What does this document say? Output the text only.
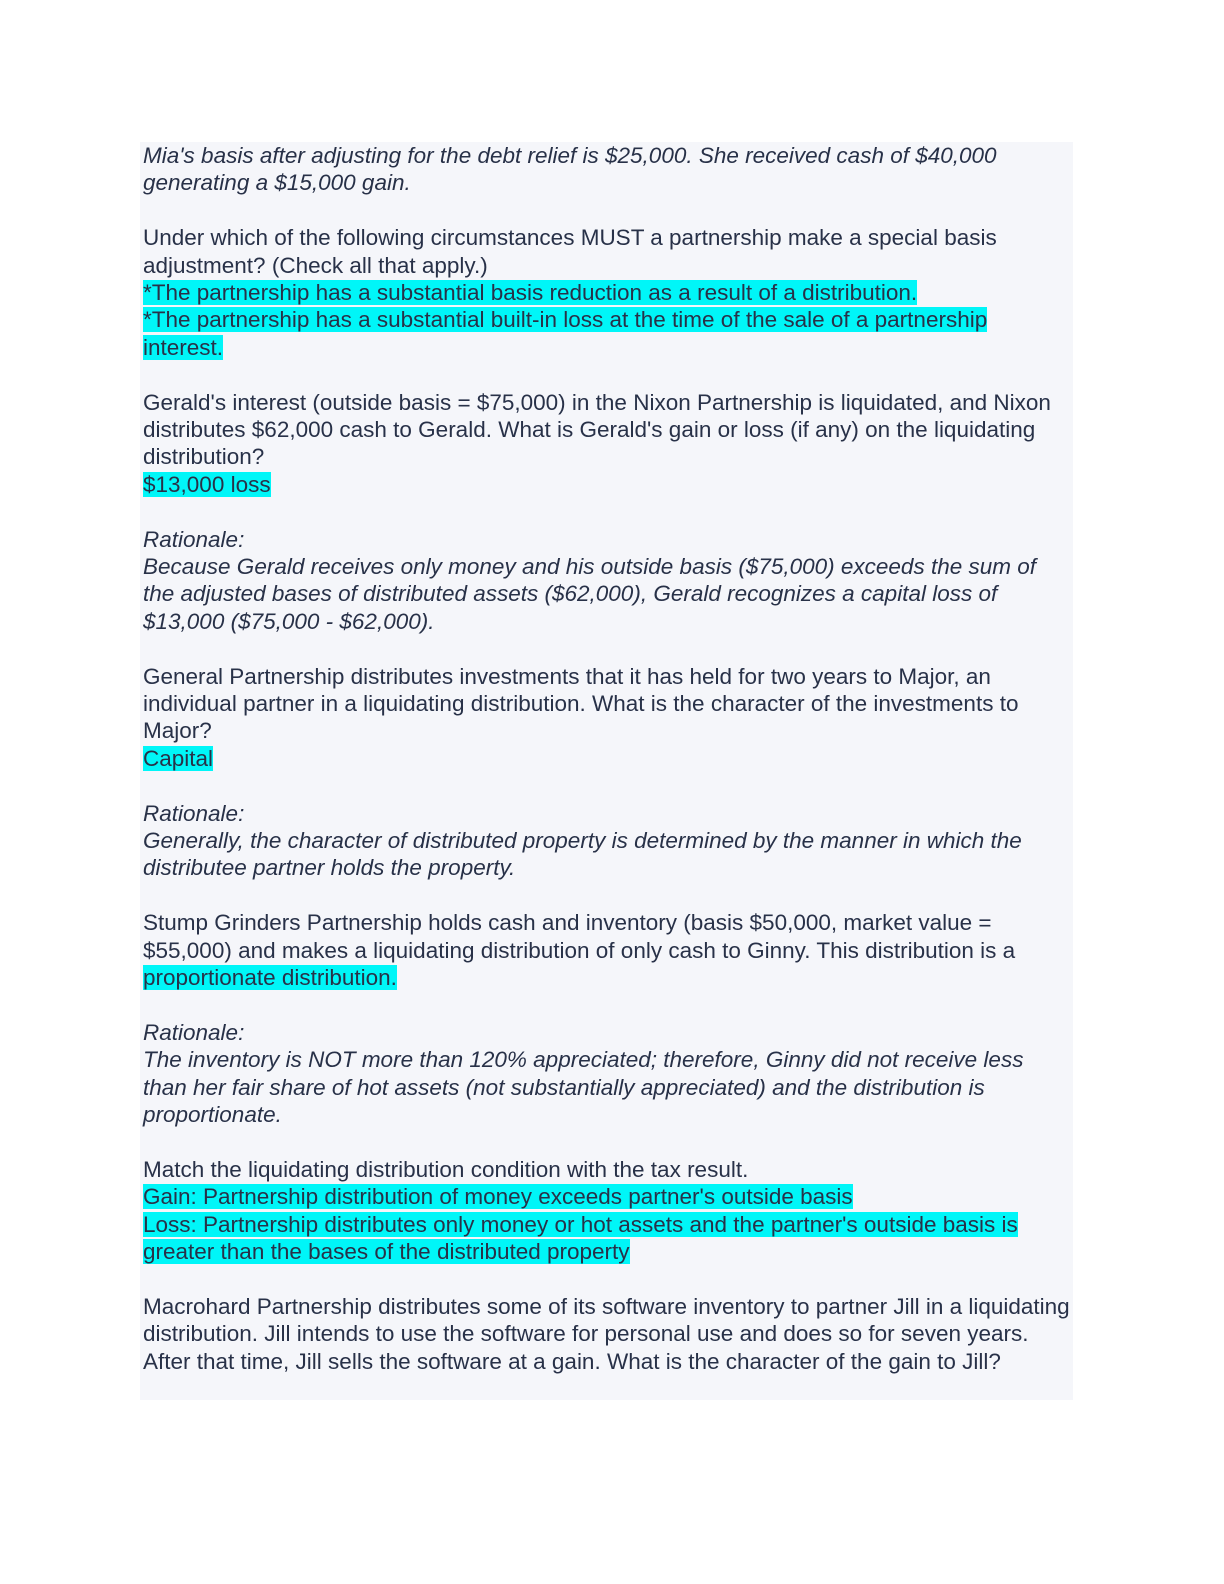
Mia's basis after adjusting for the debt relief is $25,000. She received cash of $40,000 generating a $15,000 gain.

Under which of the following circumstances MUST a partnership make a special basis adjustment? (Check all that apply.)

*The partnership has a substantial basis reduction as a result of a distribution.

*The partnership has a substantial built-in loss at the time of the sale of a partnership interest.

Gerald's interest (outside basis = $75,000) in the Nixon Partnership is liquidated, and Nixon distributes $62,000 cash to Gerald. What is Gerald's gain or loss (if any) on the liquidating distribution?

$13,000 loss

Rationale:

Because Gerald receives only money and his outside basis ($75,000) exceeds the sum of the adjusted bases of distributed assets ($62,000), Gerald recognizes a capital loss of $13,000 ($75,000 - $62,000).

General Partnership distributes investments that it has held for two years to Major, an individual partner in a liquidating distribution. What is the character of the investments to Major?

Capital

Rationale:

Generally, the character of distributed property is determined by the manner in which the distributee partner holds the property.

Stump Grinders Partnership holds cash and inventory (basis $50,000, market value = $55,000) and makes a liquidating distribution of only cash to Ginny. This distribution is a proportionate distribution.

Rationale:

The inventory is NOT more than 120% appreciated; therefore, Ginny did not receive less than her fair share of hot assets (not substantially appreciated) and the distribution is proportionate.

Match the liquidating distribution condition with the tax result.

Gain: Partnership distribution of money exceeds partner's outside basis

Loss: Partnership distributes only money or hot assets and the partner's outside basis is greater than the bases of the distributed property

Macrohard Partnership distributes some of its software inventory to partner Jill in a liquidating distribution. Jill intends to use the software for personal use and does so for seven years. After that time, Jill sells the software at a gain. What is the character of the gain to Jill?
